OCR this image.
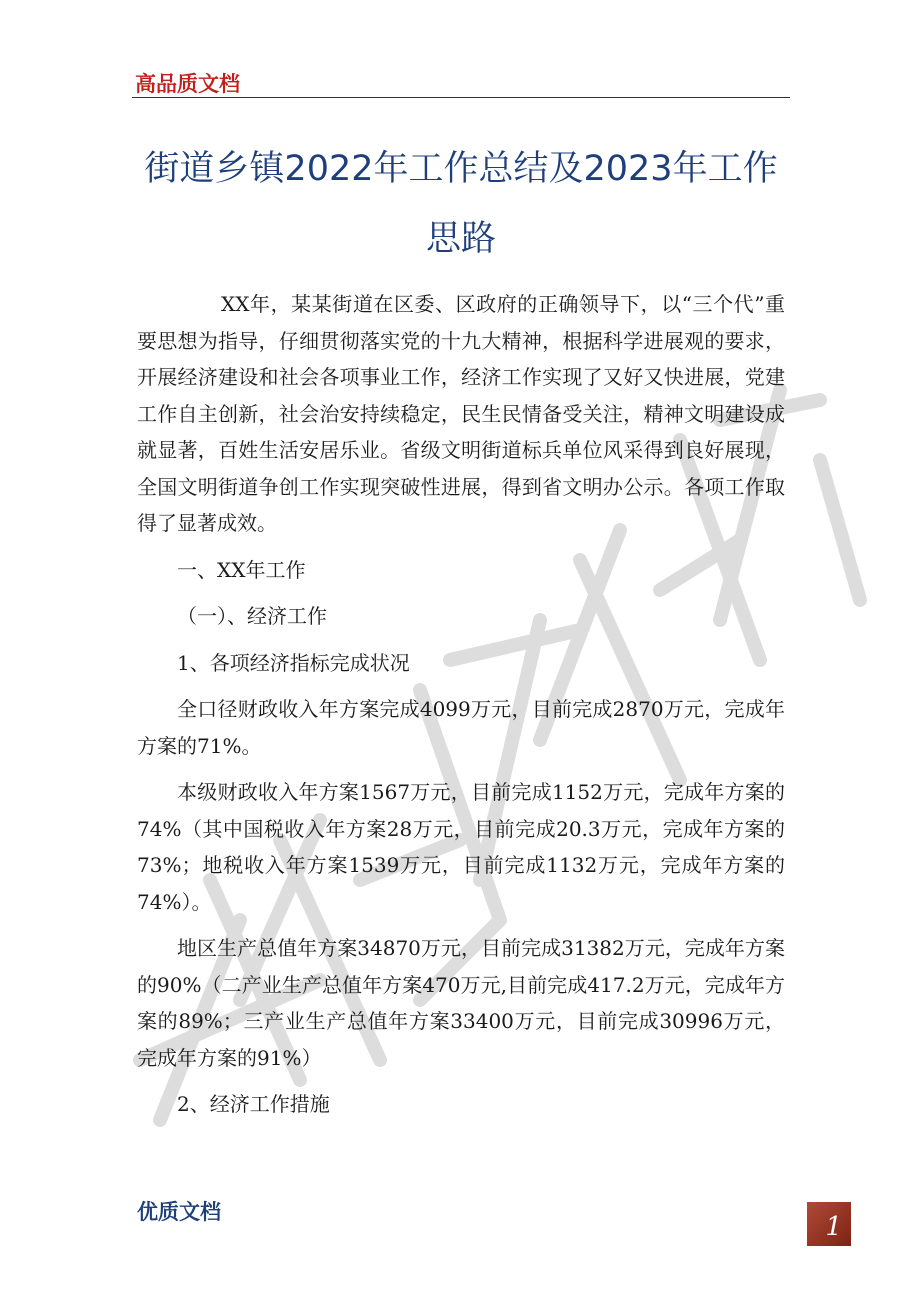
高品质文档
街道乡镇2022年工作总结及2023年工作
思路

XX年，某某街道在区委、区政府的正确领导下，以“三个代”重要思想为指导，仔细贯彻落实党的十九大精神，根据科学进展观的要求，开展经济建设和社会各项事业工作，经济工作实现了又好又快进展，党建工作自主创新，社会治安持续稳定，民生民情备受关注，精神文明建设成就显著，百姓生活安居乐业。省级文明街道标兵单位风采得到良好展现，全国文明街道争创工作实现突破性进展，得到省文明办公示。各项工作取得了显著成效。

一、XX年工作

（一）、经济工作

1、各项经济指标完成状况

全口径财政收入年方案完成4099万元，目前完成2870万元，完成年方案的71%。

本级财政收入年方案1567万元，目前完成1152万元，完成年方案的74%（其中国税收入年方案28万元，目前完成20.3万元，完成年方案的73%；地税收入年方案1539万元，目前完成1132万元，完成年方案的74%）。

地区生产总值年方案34870万元，目前完成31382万元，完成年方案的90%（二产业生产总值年方案470万元,目前完成417.2万元，完成年方案的89%；三产业生产总值年方案33400万元，目前完成30996万元，完成年方案的91%）

2、经济工作措施

优质文档	1
